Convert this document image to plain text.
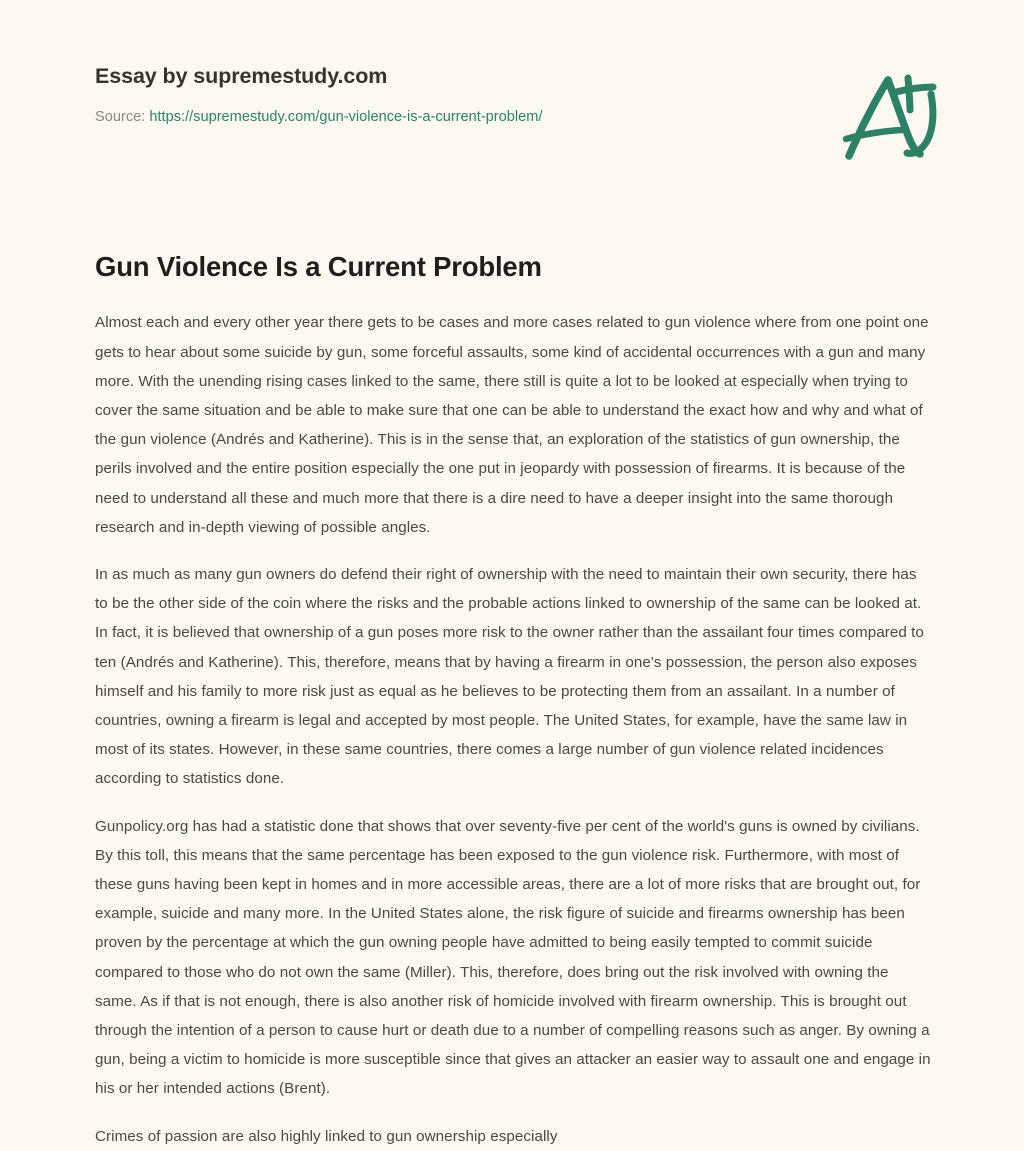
Essay by supremestudy.com

Source: https://supremestudy.com/gun-violence-is-a-current-problem/

Gun Violence Is a Current Problem

Almost each and every other year there gets to be cases and more cases related to gun violence where from one point one gets to hear about some suicide by gun, some forceful assaults, some kind of accidental occurrences with a gun and many more. With the unending rising cases linked to the same, there still is quite a lot to be looked at especially when trying to cover the same situation and be able to make sure that one can be able to understand the exact how and why and what of the gun violence (Andrés and Katherine). This is in the sense that, an exploration of the statistics of gun ownership, the perils involved and the entire position especially the one put in jeopardy with possession of firearms. It is because of the need to understand all these and much more that there is a dire need to have a deeper insight into the same thorough research and in-depth viewing of possible angles.

In as much as many gun owners do defend their right of ownership with the need to maintain their own security, there has to be the other side of the coin where the risks and the probable actions linked to ownership of the same can be looked at. In fact, it is believed that ownership of a gun poses more risk to the owner rather than the assailant four times compared to ten (Andrés and Katherine). This, therefore, means that by having a firearm in one's possession, the person also exposes himself and his family to more risk just as equal as he believes to be protecting them from an assailant. In a number of countries, owning a firearm is legal and accepted by most people. The United States, for example, have the same law in most of its states. However, in these same countries, there comes a large number of gun violence related incidences according to statistics done.

Gunpolicy.org has had a statistic done that shows that over seventy-five per cent of the world's guns is owned by civilians. By this toll, this means that the same percentage has been exposed to the gun violence risk. Furthermore, with most of these guns having been kept in homes and in more accessible areas, there are a lot of more risks that are brought out, for example, suicide and many more. In the United States alone, the risk figure of suicide and firearms ownership has been proven by the percentage at which the gun owning people have admitted to being easily tempted to commit suicide compared to those who do not own the same (Miller). This, therefore, does bring out the risk involved with owning the same. As if that is not enough, there is also another risk of homicide involved with firearm ownership. This is brought out through the intention of a person to cause hurt or death due to a number of compelling reasons such as anger. By owning a gun, being a victim to homicide is more susceptible since that gives an attacker an easier way to assault one and engage in his or her intended actions (Brent).

Crimes of passion are also highly linked to gun ownership especially
